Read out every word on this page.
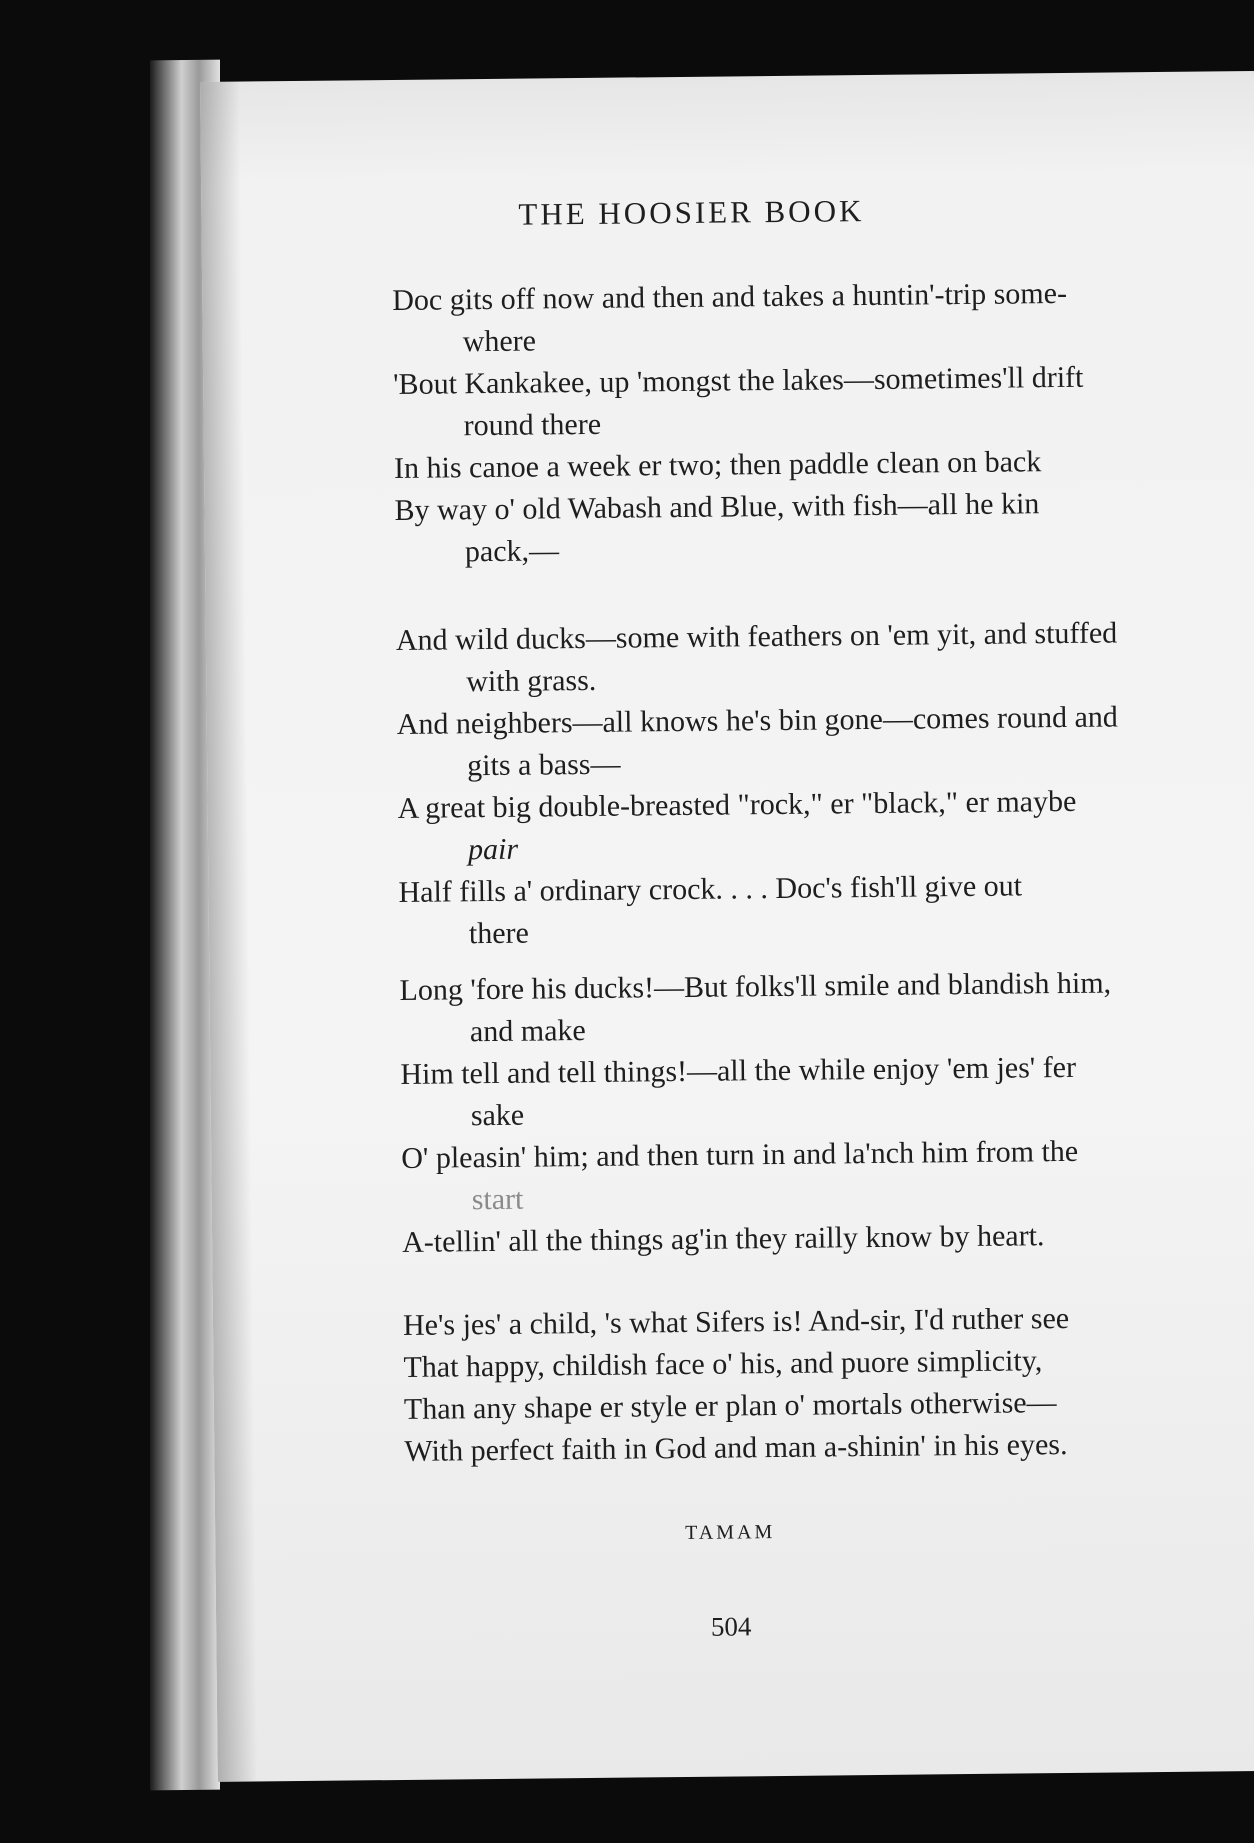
THE HOOSIER BOOK
Doc gits off now and then and takes a huntin'-trip some-
where
'Bout Kankakee, up 'mongst the lakes—sometimes'll drift
round there
In his canoe a week er two; then paddle clean on back
By way o' old Wabash and Blue, with fish—all he kin
pack,—
And wild ducks—some with feathers on 'em yit, and stuffed
with grass.
And neighbers—all knows he's bin gone—comes round and
gits a bass—
A great big double-breasted "rock," er "black," er maybe
pair
Half fills a' ordinary crock. . . . Doc's fish'll give out
there
Long 'fore his ducks!—But folks'll smile and blandish him,
and make
Him tell and tell things!—all the while enjoy 'em jes' fer
sake
O' pleasin' him; and then turn in and la'nch him from the
start
A-tellin' all the things ag'in they railly know by heart.
He's jes' a child, 's what Sifers is! And-sir, I'd ruther see
That happy, childish face o' his, and puore simplicity,
Than any shape er style er plan o' mortals otherwise—
With perfect faith in God and man a-shinin' in his eyes.
TAMAM
504
